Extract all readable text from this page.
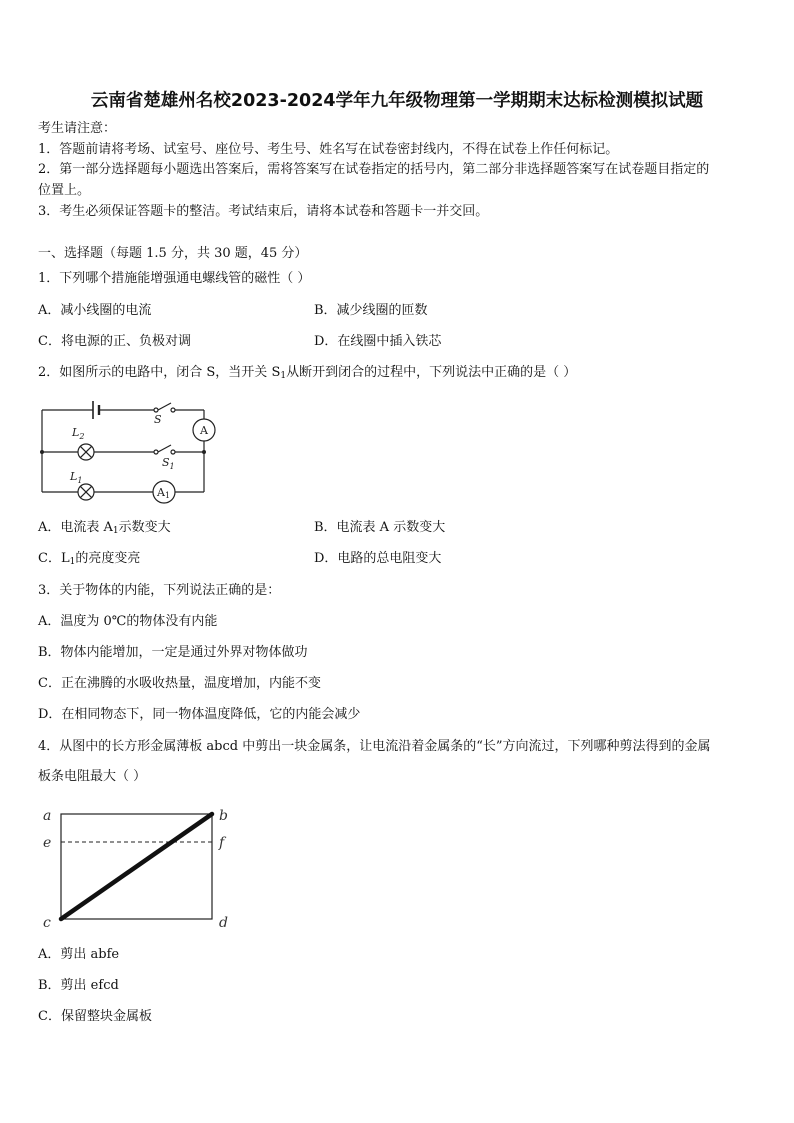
云南省楚雄州名校2023-2024学年九年级物理第一学期期末达标检测模拟试题
考生请注意：
1．答题前请将考场、试室号、座位号、考生号、姓名写在试卷密封线内，不得在试卷上作任何标记。
2．第一部分选择题每小题选出答案后，需将答案写在试卷指定的括号内，第二部分非选择题答案写在试卷题目指定的
位置上。
3．考生必须保证答题卡的整洁。考试结束后，请将本试卷和答题卡一并交回。
一、选择题（每题 1.5 分，共 30 题，45 分）
1．下列哪个措施能增强通电螺线管的磁性（ ）
A．减小线圈的电流	B．减少线圈的匝数
C．将电源的正、负极对调	D．在线圈中插入铁芯
2．如图所示的电路中，闭合 S，当开关 $S_1$从断开到闭合的过程中，下列说法中正确的是（ ）
$L_2$
S
$S_1$
$L_1$
A
A1
A．电流表 $A_1$示数变大	B．电流表 A 示数变大
C．$L_1$的亮度变亮	D．电路的总电阻变大
3．关于物体的内能，下列说法正确的是：
A．温度为 0℃的物体没有内能
B．物体内能增加，一定是通过外界对物体做功
C．正在沸腾的水吸收热量，温度增加，内能不变
D．在相同物态下，同一物体温度降低，它的内能会减少
4．从图中的长方形金属薄板 abcd 中剪出一块金属条，让电流沿着金属条的“长”方向流过，下列哪种剪法得到的金属
板条电阻最大（ ）
a	b
e	f
c	d
A．剪出 abfe
B．剪出 efcd
C．保留整块金属板
